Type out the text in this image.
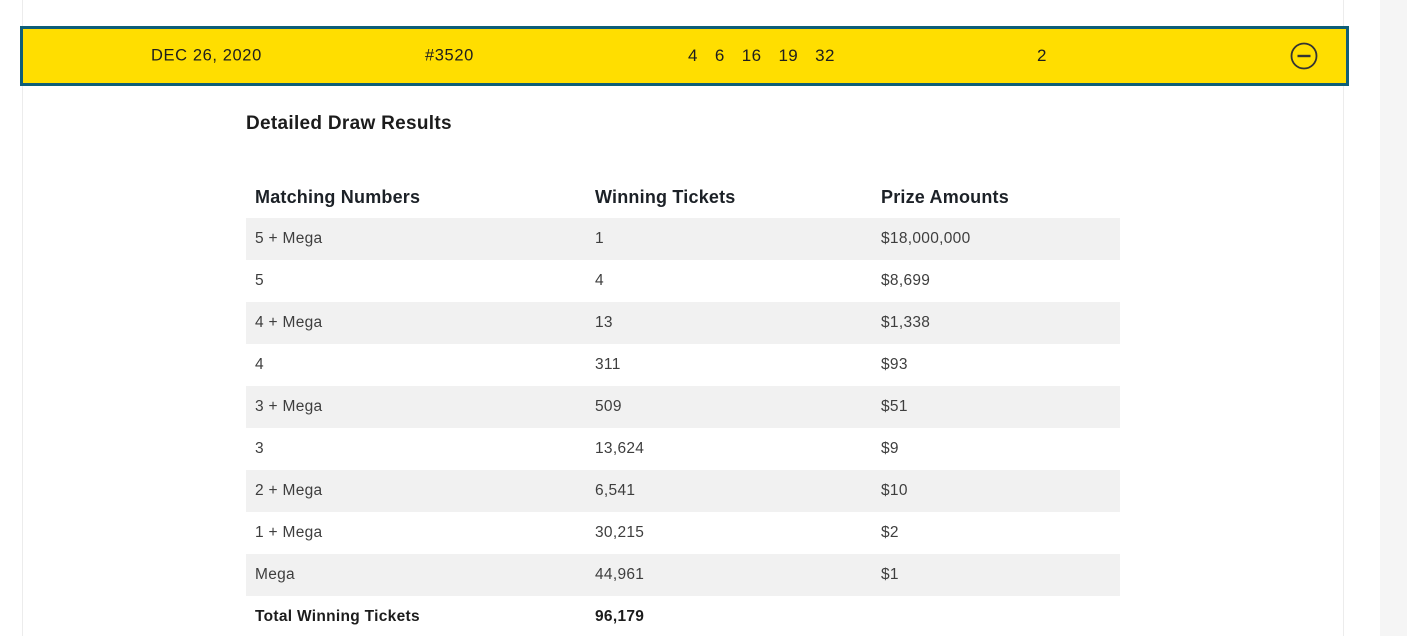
DEC 26, 2020	#3520	4 6 16 19 32	2
Detailed Draw Results
Matching Numbers	Winning Tickets	Prize Amounts
5 + Mega	1	$18,000,000
5	4	$8,699
4 + Mega	13	$1,338
4	311	$93
3 + Mega	509	$51
3	13,624	$9
2 + Mega	6,541	$10
1 + Mega	30,215	$2
Mega	44,961	$1
Total Winning Tickets	96,179
